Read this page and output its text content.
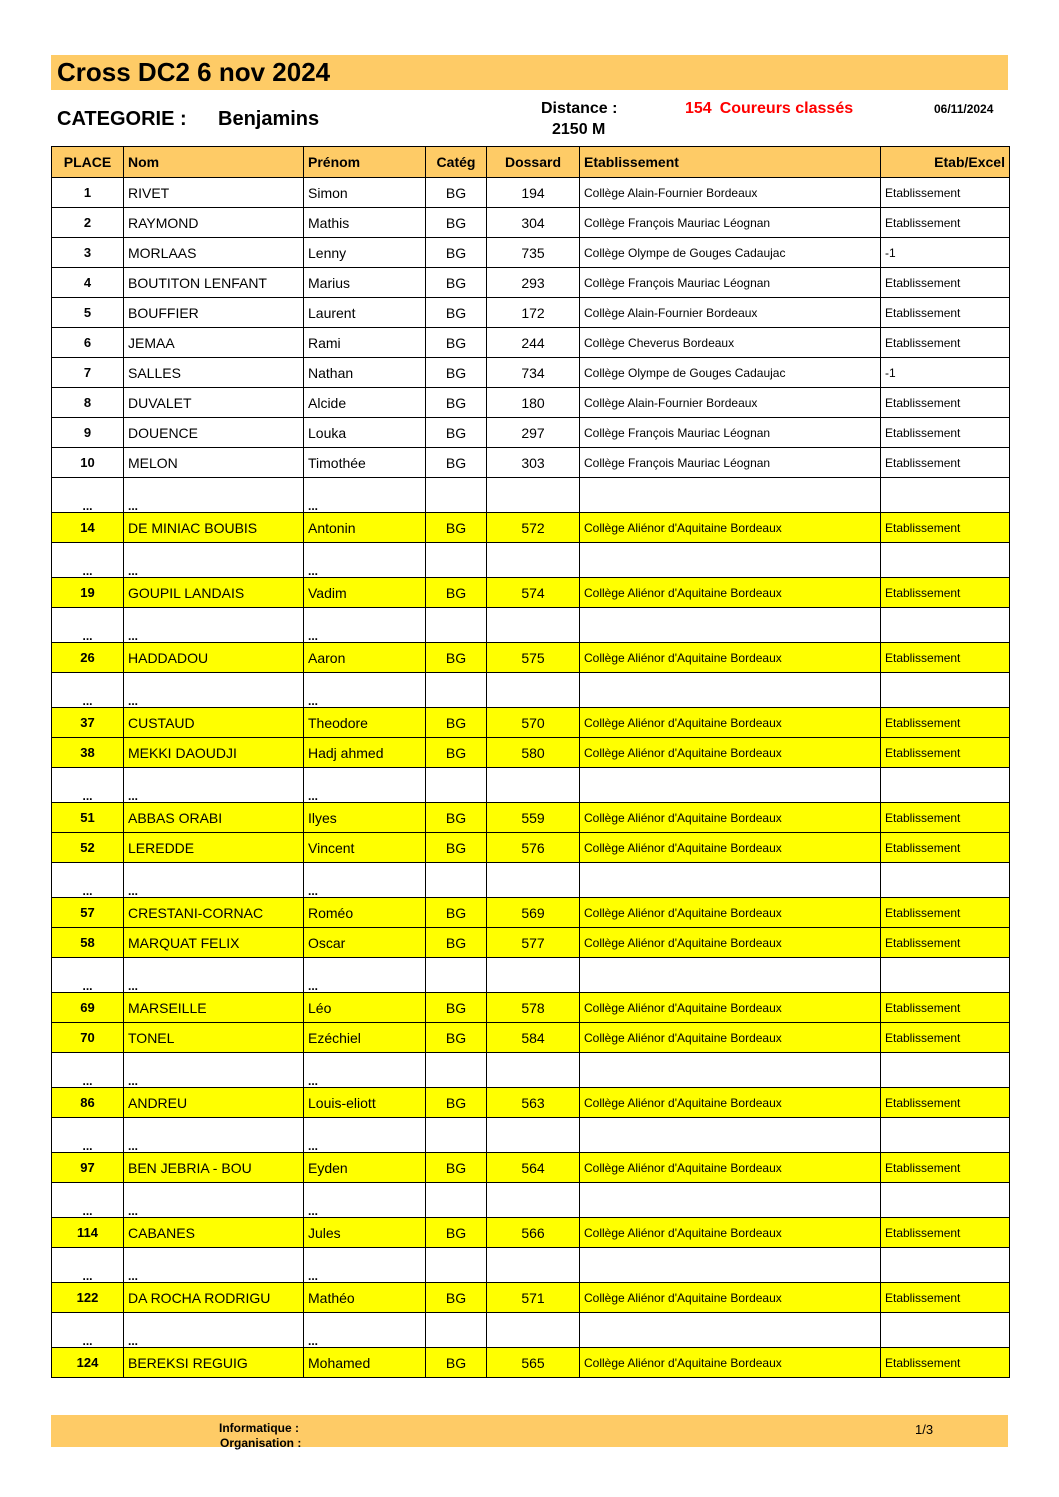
Cross DC2 6 nov 2024
CATEGORIE : Benjamins	Distance :
2150 M
154 Coureurs classés	06/11/2024
PLACE	Nom	Prénom	Catég	Dossard	Etablissement	Etab/Excel
1	RIVET	Simon	BG	194	Collège Alain-Fournier Bordeaux	Etablissement
2	RAYMOND	Mathis	BG	304	Collège François Mauriac Léognan	Etablissement
3	MORLAAS	Lenny	BG	735	Collège Olympe de Gouges Cadaujac	-1
4	BOUTITON LENFANT	Marius	BG	293	Collège François Mauriac Léognan	Etablissement
5	BOUFFIER	Laurent	BG	172	Collège Alain-Fournier Bordeaux	Etablissement
6	JEMAA	Rami	BG	244	Collège Cheverus Bordeaux	Etablissement
7	SALLES	Nathan	BG	734	Collège Olympe de Gouges Cadaujac	-1
8	DUVALET	Alcide	BG	180	Collège Alain-Fournier Bordeaux	Etablissement
9	DOUENCE	Louka	BG	297	Collège François Mauriac Léognan	Etablissement
10	MELON	Timothée	BG	303	Collège François Mauriac Léognan	Etablissement
...	...	...				
14	DE MINIAC BOUBIS	Antonin	BG	572	Collège Aliénor d'Aquitaine Bordeaux	Etablissement
...	...	...				
19	GOUPIL LANDAIS	Vadim	BG	574	Collège Aliénor d'Aquitaine Bordeaux	Etablissement
...	...	...				
26	HADDADOU	Aaron	BG	575	Collège Aliénor d'Aquitaine Bordeaux	Etablissement
...	...	...				
37	CUSTAUD	Theodore	BG	570	Collège Aliénor d'Aquitaine Bordeaux	Etablissement
38	MEKKI DAOUDJI	Hadj ahmed	BG	580	Collège Aliénor d'Aquitaine Bordeaux	Etablissement
...	...	...				
51	ABBAS ORABI	Ilyes	BG	559	Collège Aliénor d'Aquitaine Bordeaux	Etablissement
52	LEREDDE	Vincent	BG	576	Collège Aliénor d'Aquitaine Bordeaux	Etablissement
...	...	...				
57	CRESTANI-CORNAC	Roméo	BG	569	Collège Aliénor d'Aquitaine Bordeaux	Etablissement
58	MARQUAT FELIX	Oscar	BG	577	Collège Aliénor d'Aquitaine Bordeaux	Etablissement
...	...	...				
69	MARSEILLE	Léo	BG	578	Collège Aliénor d'Aquitaine Bordeaux	Etablissement
70	TONEL	Ezéchiel	BG	584	Collège Aliénor d'Aquitaine Bordeaux	Etablissement
...	...	...				
86	ANDREU	Louis-eliott	BG	563	Collège Aliénor d'Aquitaine Bordeaux	Etablissement
...	...	...				
97	BEN JEBRIA - BOU	Eyden	BG	564	Collège Aliénor d'Aquitaine Bordeaux	Etablissement
...	...	...				
114	CABANES	Jules	BG	566	Collège Aliénor d'Aquitaine Bordeaux	Etablissement
...	...	...				
122	DA ROCHA RODRIGU	Mathéo	BG	571	Collège Aliénor d'Aquitaine Bordeaux	Etablissement
...	...	...				
124	BEREKSI REGUIG	Mohamed	BG	565	Collège Aliénor d'Aquitaine Bordeaux	Etablissement
Informatique :
Organisation :
1/3
